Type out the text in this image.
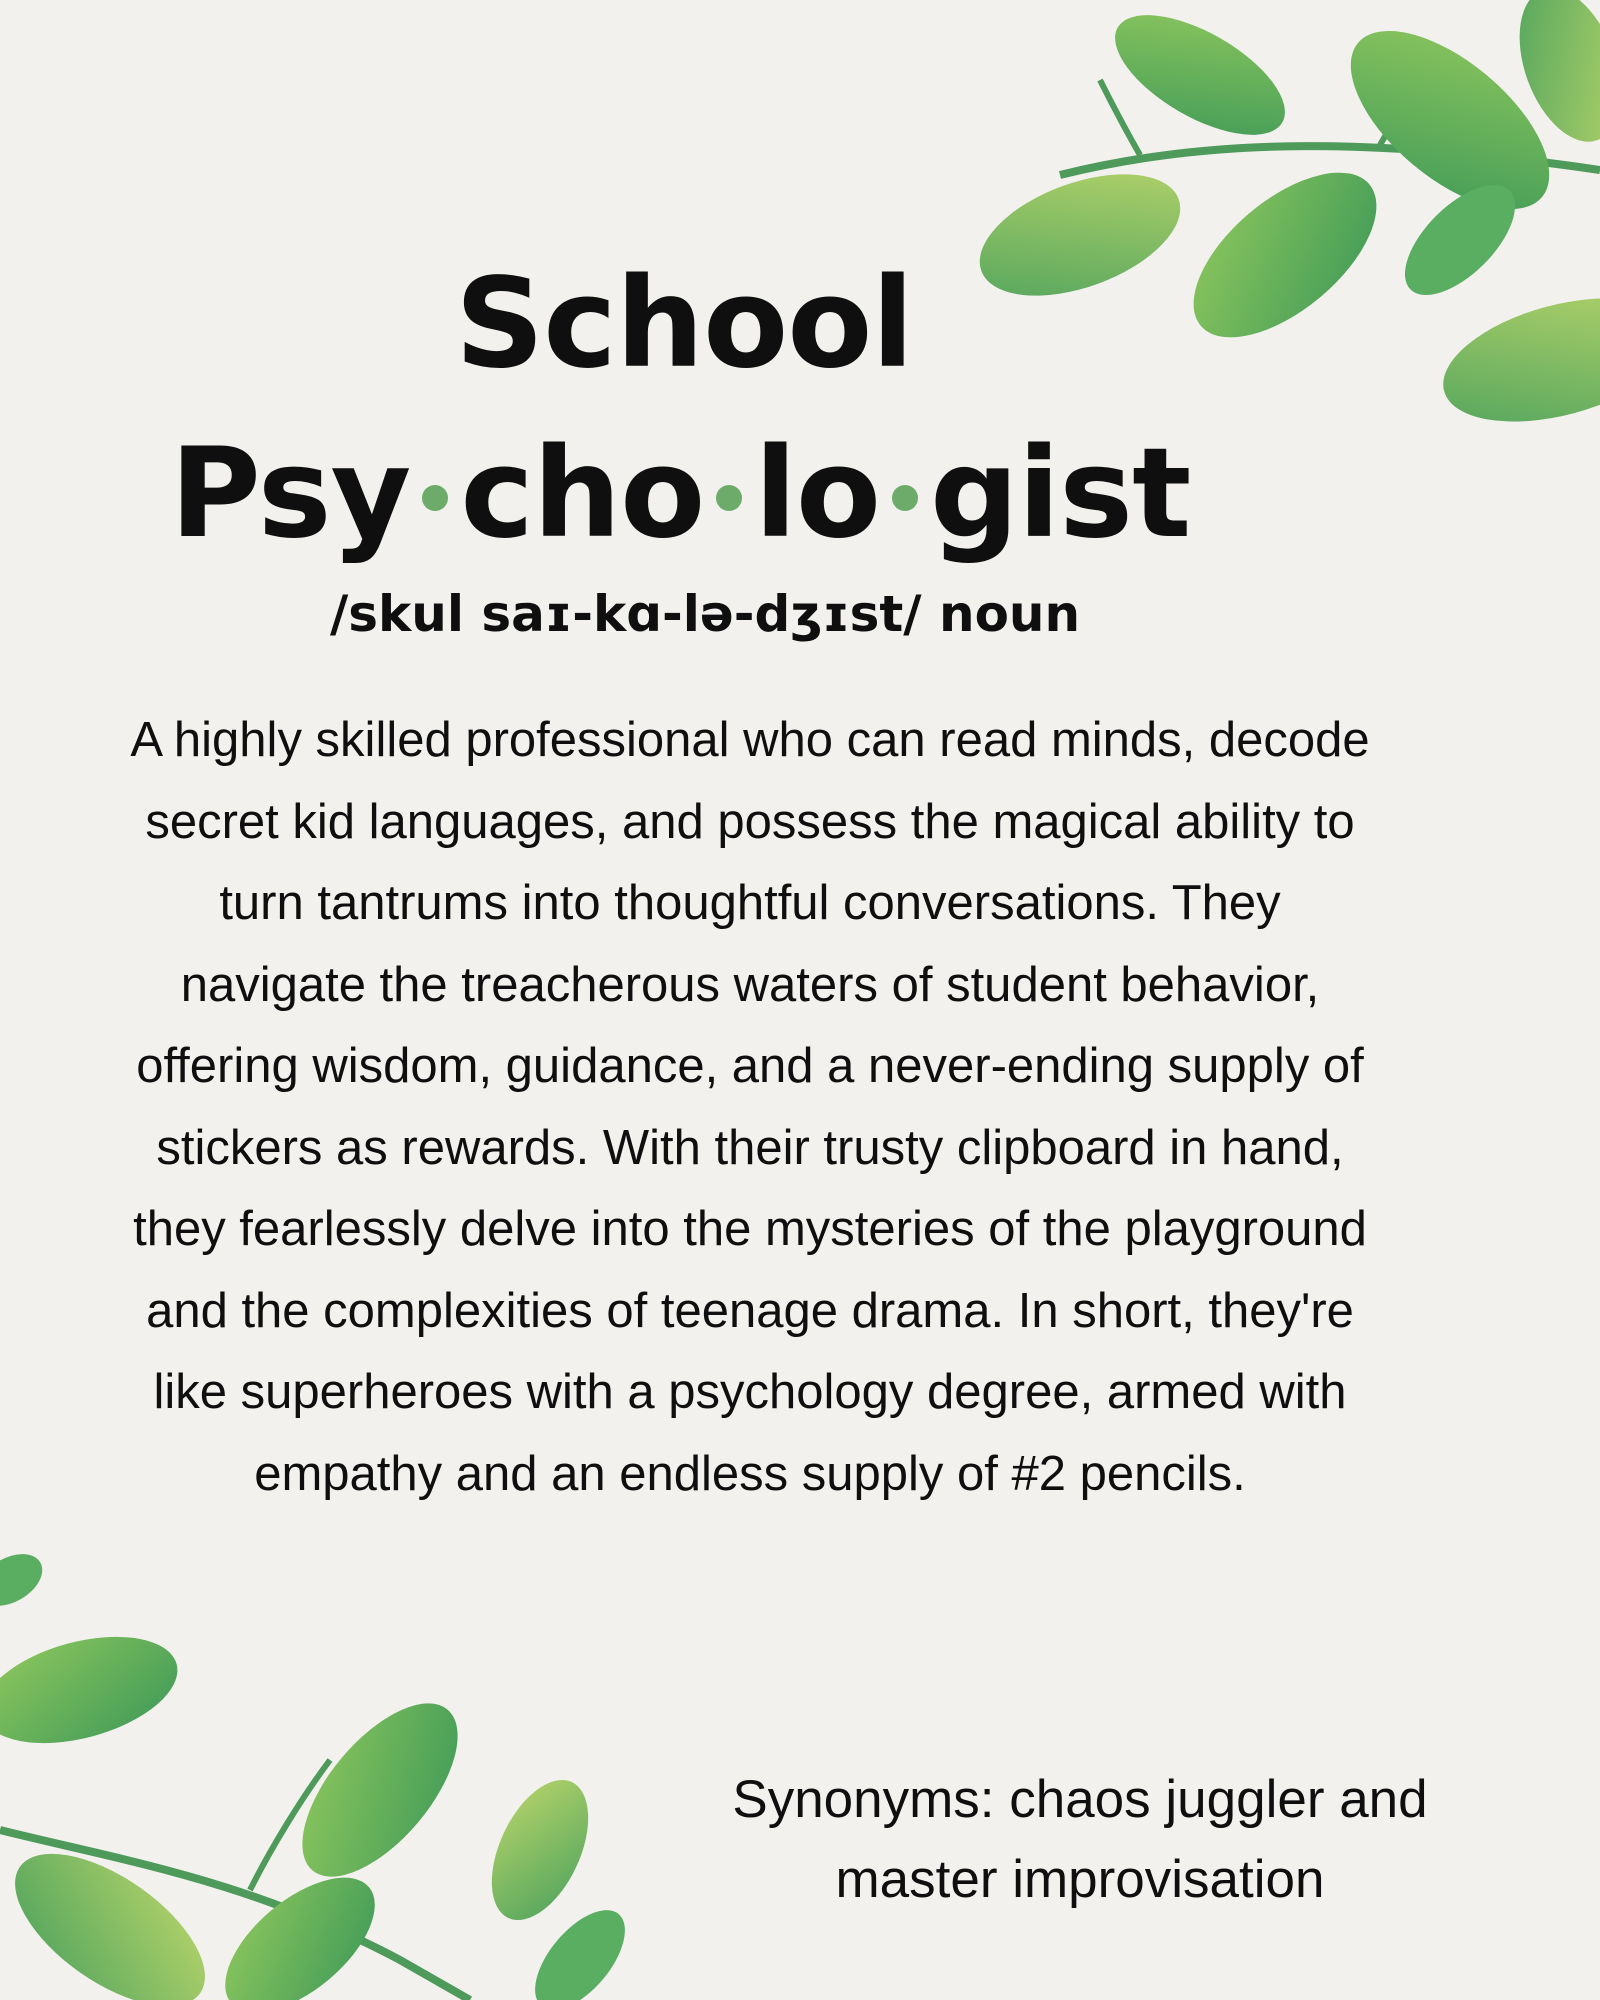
School
Psy cho lo gist
/skul saɪ-kɑ-lə-dʒɪst/ noun

A highly skilled professional who can read minds, decode secret kid languages, and possess the magical ability to turn tantrums into thoughtful conversations. They navigate the treacherous waters of student behavior, offering wisdom, guidance, and a never-ending supply of stickers as rewards. With their trusty clipboard in hand, they fearlessly delve into the mysteries of the playground and the complexities of teenage drama. In short, they're like superheroes with a psychology degree, armed with empathy and an endless supply of #2 pencils.

Synonyms: chaos juggler and master improvisation
